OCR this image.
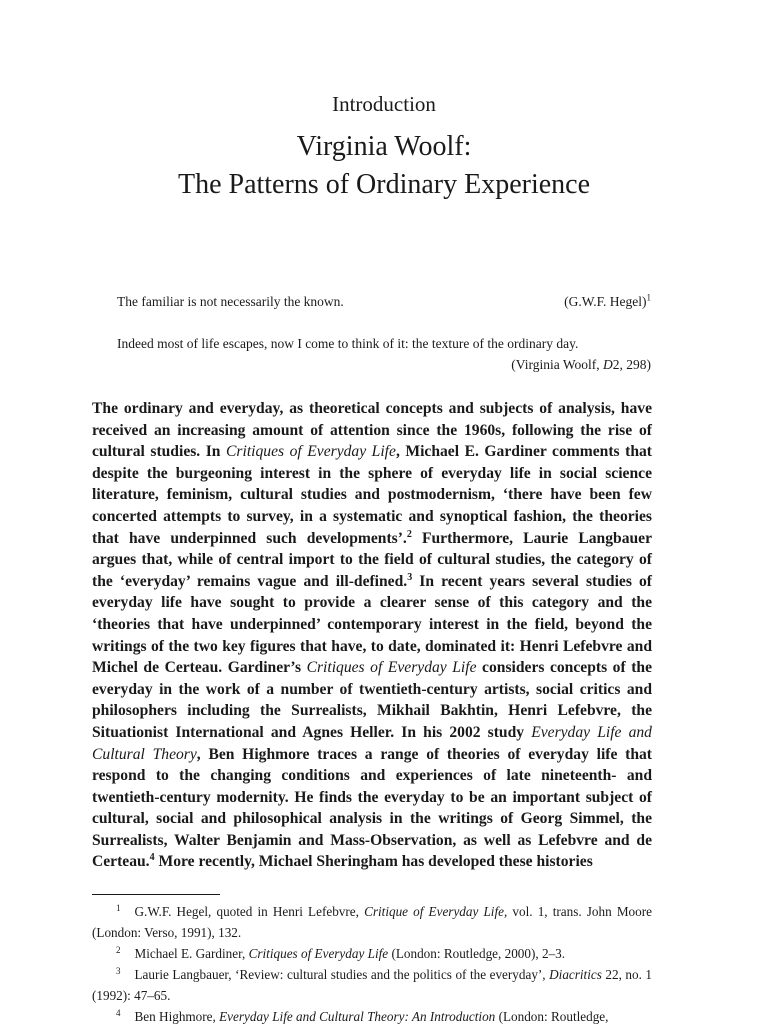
Introduction
Virginia Woolf:
The Patterns of Ordinary Experience
The familiar is not necessarily the known.	(G.W.F. Hegel)$^1$
Indeed most of life escapes, now I come to think of it: the texture of the ordinary day.
(Virginia Woolf, D2, 298)
The ordinary and everyday, as theoretical concepts and subjects of analysis, have received an increasing amount of attention since the 1960s, following the rise of cultural studies. In Critiques of Everyday Life, Michael E. Gardiner comments that despite the burgeoning interest in the sphere of everyday life in social science literature, feminism, cultural studies and postmodernism, ‘there have been few concerted attempts to survey, in a systematic and synoptical fashion, the theories that have underpinned such developments’.$^2$ Furthermore, Laurie Langbauer argues that, while of central import to the field of cultural studies, the category of the ‘everyday’ remains vague and ill-defined.$^3$ In recent years several studies of everyday life have sought to provide a clearer sense of this category and the ‘theories that have underpinned’ contemporary interest in the field, beyond the writings of the two key figures that have, to date, dominated it: Henri Lefebvre and Michel de Certeau. Gardiner’s Critiques of Everyday Life considers concepts of the everyday in the work of a number of twentieth-century artists, social critics and philosophers including the Surrealists, Mikhail Bakhtin, Henri Lefebvre, the Situationist International and Agnes Heller. In his 2002 study Everyday Life and Cultural Theory, Ben Highmore traces a range of theories of everyday life that respond to the changing conditions and experiences of late nineteenth- and twentieth-century modernity. He finds the everyday to be an important subject of cultural, social and philosophical analysis in the writings of Georg Simmel, the Surrealists, Walter Benjamin and Mass-Observation, as well as Lefebvre and de Certeau.$^4$ More recently, Michael Sheringham has developed these histories

$^1$ G.W.F. Hegel, quoted in Henri Lefebvre, Critique of Everyday Life, vol. 1, trans. John Moore (London: Verso, 1991), 132.

$^2$ Michael E. Gardiner, Critiques of Everyday Life (London: Routledge, 2000), 2–3.

$^3$ Laurie Langbauer, ‘Review: cultural studies and the politics of the everyday’, Diacritics 22, no. 1 (1992): 47–65.

$^4$ Ben Highmore, Everyday Life and Cultural Theory: An Introduction (London: Routledge,
